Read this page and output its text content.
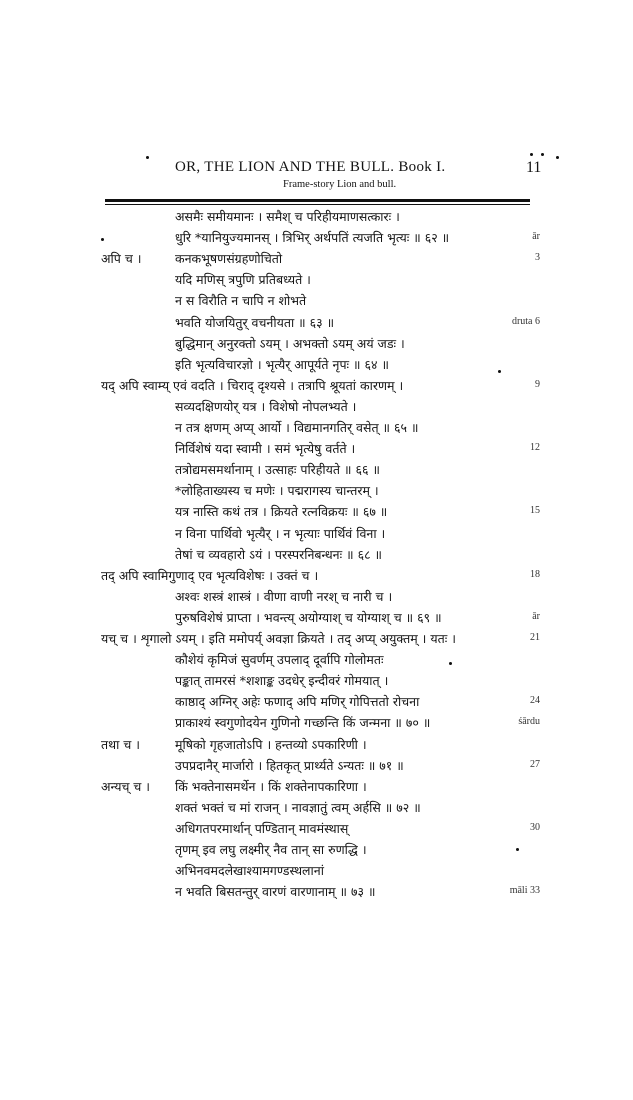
OR, THE LION AND THE BULL. Book I.	11
Frame-story Lion and bull.
असमैः समीयमानः । समैश् च परिहीयमाणसत्कारः ।
धुरि *यानियुज्यमानस् । त्रिभिर् अर्थपतिं त्यजति भृत्यः ॥ ६२ ॥	ār
अपि च ।	कनकभूषणसंग्रहणोचितो	3
यदि मणिस् त्रपुणि प्रतिबध्यते ।
न स विरौति न चापि न शोभते
भवति योजयितुर् वचनीयता ॥ ६३ ॥	druta 6
बुद्धिमान् अनुरक्तो ऽयम् । अभक्तो ऽयम् अयं जडः ।
इति भृत्यविचारज्ञो । भृत्यैर् आपूर्यते नृपः ॥ ६४ ॥
यद् अपि स्वाम्य् एवं वदति । चिराद् दृश्यसे । तत्रापि श्रूयतां कारणम् ।	9
सव्यदक्षिणयोर् यत्र । विशेषो नोपलभ्यते ।
न तत्र क्षणम् अप्य् आर्यो । विद्यमानगतिर् वसेत् ॥ ६५ ॥
निर्विशेषं यदा स्वामी । समं भृत्येषु वर्तते ।	12
तत्रोद्यमसमर्थानाम् । उत्साहः परिहीयते ॥ ६६ ॥
*लोहिताख्यस्य च मणेः । पद्मरागस्य चान्तरम् ।
यत्र नास्ति कथं तत्र । क्रियते रत्नविक्रयः ॥ ६७ ॥	15
न विना पार्थिवो भृत्यैर् । न भृत्याः पार्थिवं विना ।
तेषां च व्यवहारो ऽयं । परस्परनिबन्धनः ॥ ६८ ॥
तद् अपि स्वामिगुणाद् एव भृत्यविशेषः । उक्तं च ।	18
अश्वः शस्त्रं शास्त्रं । वीणा वाणी नरश् च नारी च ।
पुरुषविशेषं प्राप्ता । भवन्त्य् अयोग्याश् च योग्याश् च ॥ ६९ ॥	ār
यच् च । शृगालो ऽयम् । इति ममोपर्य् अवज्ञा क्रियते । तद् अप्य् अयुक्तम् । यतः ।	21
कौशेयं कृमिजं सुवर्णम् उपलाद् दूर्वापि गोलोमतः
पङ्कात् तामरसं *शशाङ्क उदधेर् इन्दीवरं गोमयात् ।
काष्ठाद् अग्निर् अहेः फणाद् अपि मणिर् गोपित्ततो रोचना	24
प्राकाश्यं स्वगुणोदयेन गुणिनो गच्छन्ति किं जन्मना ॥ ७० ॥	śārdu
तथा च ।	मूषिको गृहजातोऽपि । हन्तव्यो ऽपकारिणी ।
उपप्रदानैर् मार्जारो । हितकृत् प्रार्थ्यते ऽन्यतः ॥ ७१ ॥	27
अन्यच् च । किं भक्तेनासमर्थेन । किं शक्तेनापकारिणा ।
शक्तं भक्तं च मां राजन् । नावज्ञातुं त्वम् अर्हसि ॥ ७२ ॥
अधिगतपरमार्थान् पण्डितान् मावमंस्थास्	30
तृणम् इव लघु लक्ष्मीर् नैव तान् सा रुणद्धि ।
अभिनवमदलेखाश्यामगण्डस्थलानां
न भवति बिसतन्तुर् वारणं वारणानाम् ॥ ७३ ॥	māli 33
